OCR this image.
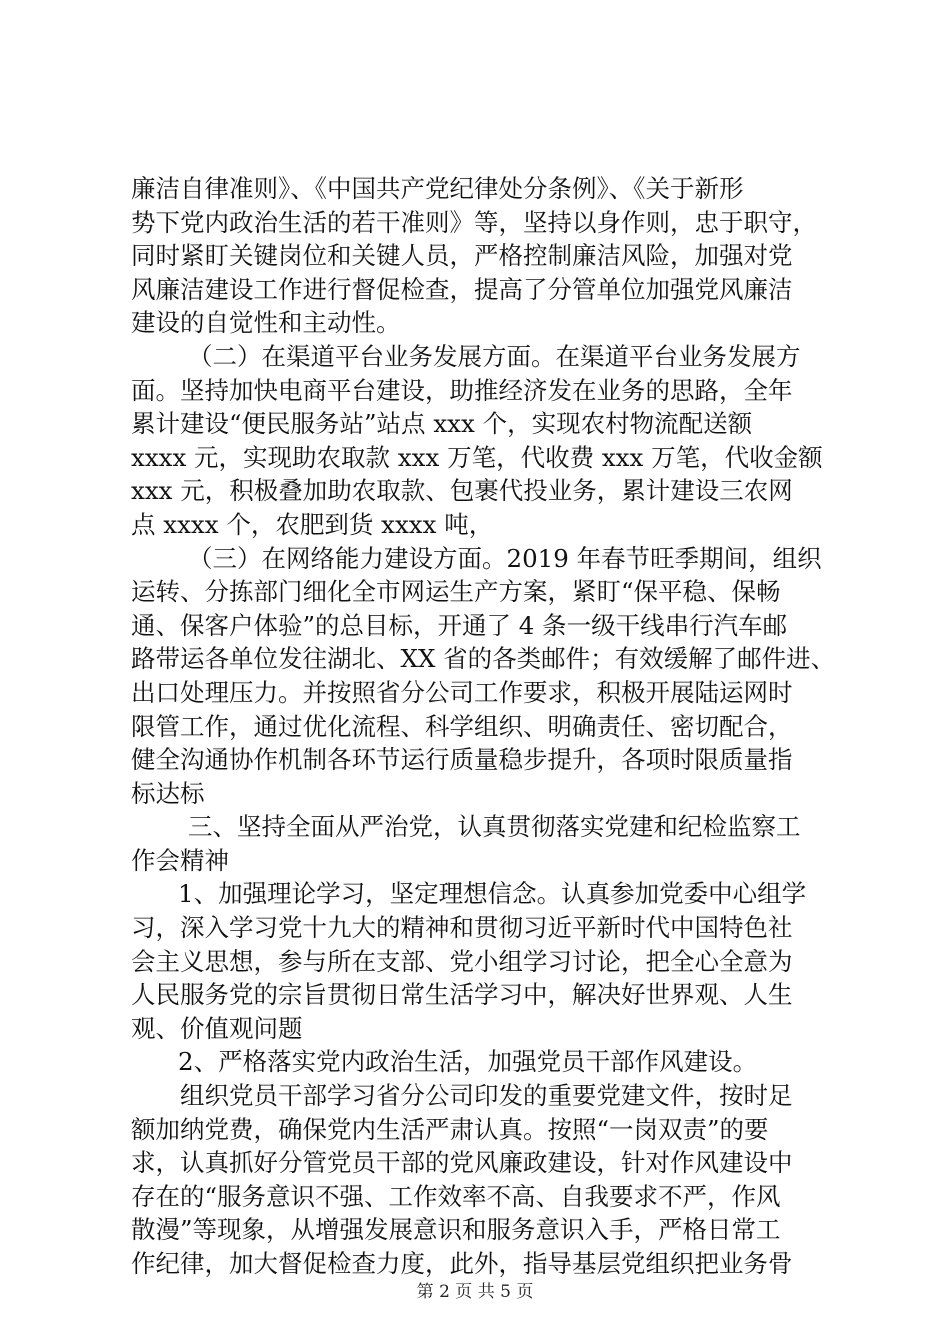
廉洁自律准则》、《中国共产党纪律处分条例》、《关于新形
势下党内政治生活的若干准则》等，坚持以身作则，忠于职守，
同时紧盯关键岗位和关键人员，严格控制廉洁风险，加强对党
风廉洁建设工作进行督促检查，提高了分管单位加强党风廉洁
建设的自觉性和主动性。
（二）在渠道平台业务发展方面。在渠道平台业务发展方
面。坚持加快电商平台建设，助推经济发在业务的思路，全年
累计建设“便民服务站”站点 xxx 个，实现农村物流配送额
xxxx 元，实现助农取款 xxx 万笔，代收费 xxx 万笔，代收金额
xxx 元，积极叠加助农取款、包裹代投业务，累计建设三农网
点 xxxx 个，农肥到货 xxxx 吨，
（三）在网络能力建设方面。2019 年春节旺季期间，组织
运转、分拣部门细化全市网运生产方案，紧盯“保平稳、保畅
通、保客户体验”的总目标，开通了 4 条一级干线串行汽车邮
路带运各单位发往湖北、XX 省的各类邮件；有效缓解了邮件进、
出口处理压力。并按照省分公司工作要求，积极开展陆运网时
限管工作，通过优化流程、科学组织、明确责任、密切配合，
健全沟通协作机制各环节运行质量稳步提升，各项时限质量指
标达标
三、坚持全面从严治党，认真贯彻落实党建和纪检监察工
作会精神
1、加强理论学习，坚定理想信念。认真参加党委中心组学
习，深入学习党十九大的精神和贯彻习近平新时代中国特色社
会主义思想，参与所在支部、党小组学习讨论，把全心全意为
人民服务党的宗旨贯彻日常生活学习中，解决好世界观、人生
观、价值观问题
2、严格落实党内政治生活，加强党员干部作风建设。
组织党员干部学习省分公司印发的重要党建文件，按时足
额加纳党费，确保党内生活严肃认真。按照“一岗双责”的要
求，认真抓好分管党员干部的党风廉政建设，针对作风建设中
存在的“服务意识不强、工作效率不高、自我要求不严，作风
散漫”等现象，从增强发展意识和服务意识入手，严格日常工
作纪律，加大督促检查力度，此外，指导基层党组织把业务骨
第 2 页 共 5 页
